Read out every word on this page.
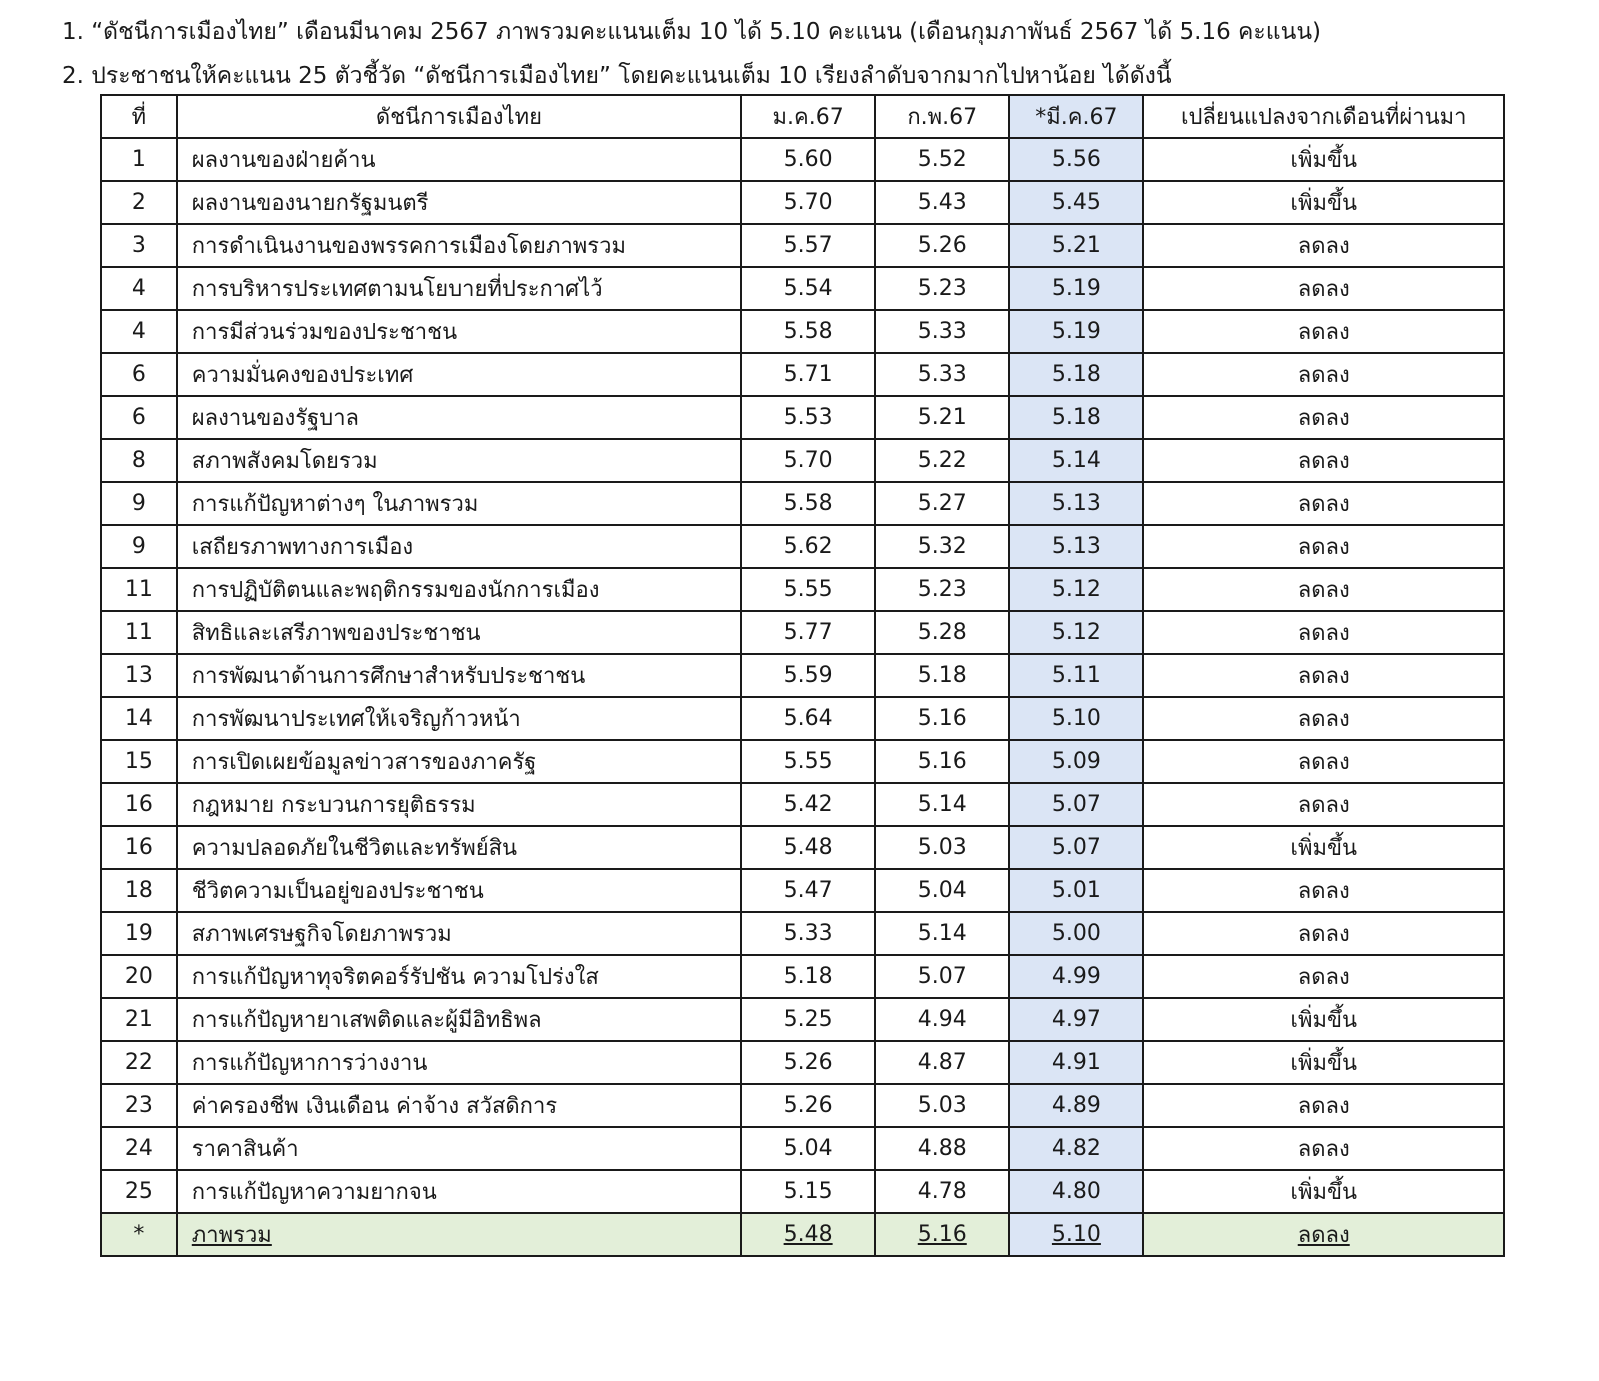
1. “ดัชนีการเมืองไทย” เดือนมีนาคม 2567 ภาพรวมคะแนนเต็ม 10 ได้ 5.10 คะแนน (เดือนกุมภาพันธ์ 2567 ได้ 5.16 คะแนน)
2. ประชาชนให้คะแนน 25 ตัวชี้วัด “ดัชนีการเมืองไทย” โดยคะแนนเต็ม 10 เรียงลำดับจากมากไปหาน้อย ได้ดังนี้
ที่	ดัชนีการเมืองไทย	ม.ค.67	ก.พ.67	*มี.ค.67	เปลี่ยนแปลงจากเดือนที่ผ่านมา
1	ผลงานของฝ่ายค้าน	5.60	5.52	5.56	เพิ่มขึ้น
2	ผลงานของนายกรัฐมนตรี	5.70	5.43	5.45	เพิ่มขึ้น
3	การดำเนินงานของพรรคการเมืองโดยภาพรวม	5.57	5.26	5.21	ลดลง
4	การบริหารประเทศตามนโยบายที่ประกาศไว้	5.54	5.23	5.19	ลดลง
4	การมีส่วนร่วมของประชาชน	5.58	5.33	5.19	ลดลง
6	ความมั่นคงของประเทศ	5.71	5.33	5.18	ลดลง
6	ผลงานของรัฐบาล	5.53	5.21	5.18	ลดลง
8	สภาพสังคมโดยรวม	5.70	5.22	5.14	ลดลง
9	การแก้ปัญหาต่างๆ ในภาพรวม	5.58	5.27	5.13	ลดลง
9	เสถียรภาพทางการเมือง	5.62	5.32	5.13	ลดลง
11	การปฏิบัติตนและพฤติกรรมของนักการเมือง	5.55	5.23	5.12	ลดลง
11	สิทธิและเสรีภาพของประชาชน	5.77	5.28	5.12	ลดลง
13	การพัฒนาด้านการศึกษาสำหรับประชาชน	5.59	5.18	5.11	ลดลง
14	การพัฒนาประเทศให้เจริญก้าวหน้า	5.64	5.16	5.10	ลดลง
15	การเปิดเผยข้อมูลข่าวสารของภาครัฐ	5.55	5.16	5.09	ลดลง
16	กฎหมาย กระบวนการยุติธรรม	5.42	5.14	5.07	ลดลง
16	ความปลอดภัยในชีวิตและทรัพย์สิน	5.48	5.03	5.07	เพิ่มขึ้น
18	ชีวิตความเป็นอยู่ของประชาชน	5.47	5.04	5.01	ลดลง
19	สภาพเศรษฐกิจโดยภาพรวม	5.33	5.14	5.00	ลดลง
20	การแก้ปัญหาทุจริตคอร์รัปชัน ความโปร่งใส	5.18	5.07	4.99	ลดลง
21	การแก้ปัญหายาเสพติดและผู้มีอิทธิพล	5.25	4.94	4.97	เพิ่มขึ้น
22	การแก้ปัญหาการว่างงาน	5.26	4.87	4.91	เพิ่มขึ้น
23	ค่าครองชีพ เงินเดือน ค่าจ้าง สวัสดิการ	5.26	5.03	4.89	ลดลง
24	ราคาสินค้า	5.04	4.88	4.82	ลดลง
25	การแก้ปัญหาความยากจน	5.15	4.78	4.80	เพิ่มขึ้น
*	ภาพรวม	5.48	5.16	5.10	ลดลง
